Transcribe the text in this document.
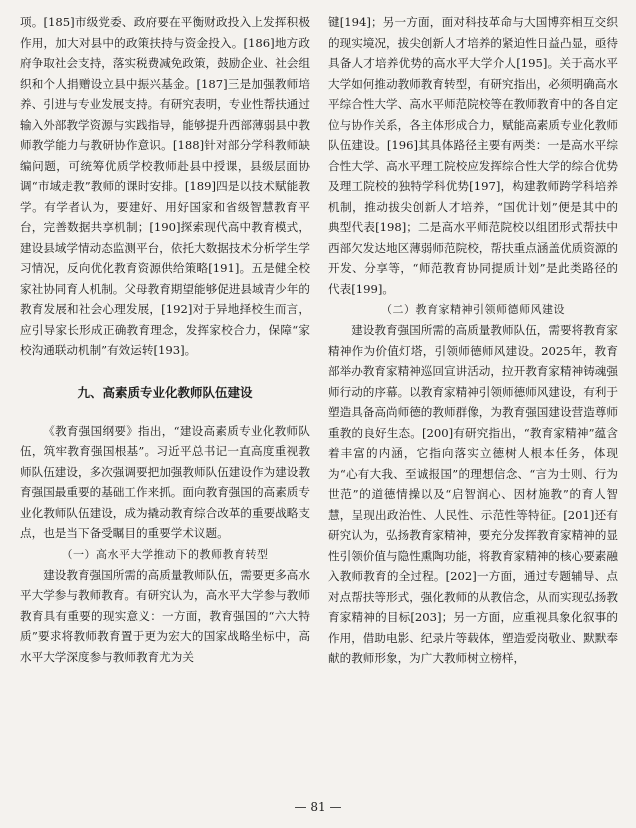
项。[185]市级党委、政府要在平衡财政投入上发挥积极作用，加大对县中的政策扶持与资金投入。[186]地方政府争取社会支持，落实税费减免政策，鼓励企业、社会组织和个人捐赠设立县中振兴基金。[187]三是加强教师培养、引进与专业发展支持。有研究表明，专业性帮扶通过输入外部教学资源与实践指导，能够提升西部薄弱县中教师教学能力与教研协作意识。[188]针对部分学科教师缺编问题，可统筹优质学校教师赴县中授课，县级层面协调“市域走教”教师的课时安排。[189]四是以技术赋能教学。有学者认为，要建好、用好国家和省级智慧教育平台，完善数据共享机制；[190]探索现代高中教育模式，建设县域学情动态监测平台，依托大数据技术分析学生学习情况，反向优化教育资源供给策略[191]。五是健全校家社协同育人机制。父母教育期望能够促进县域青少年的教育发展和社会心理发展，[192]对于异地择校生而言，应引导家长形成正确教育理念，发挥家校合力，保障“家校沟通联动机制”有效运转[193]。

九、高素质专业化教师队伍建设

《教育强国纲要》指出，“建设高素质专业化教师队伍，筑牢教育强国根基”。习近平总书记一直高度重视教师队伍建设，多次强调要把加强教师队伍建设作为建设教育强国最重要的基础工作来抓。面向教育强国的高素质专业化教师队伍建设，成为撬动教育综合改革的重要战略支点，也是当下备受瞩目的重要学术议题。

（一）高水平大学推动下的教师教育转型

建设教育强国所需的高质量教师队伍，需要更多高水平大学参与教师教育。有研究认为，高水平大学参与教师教育具有重要的现实意义：一方面，教育强国的“六大特质”要求将教师教育置于更为宏大的国家战略坐标中，高水平大学深度参与教师教育尤为关

键[194]；另一方面，面对科技革命与大国博弈相互交织的现实境况，拔尖创新人才培养的紧迫性日益凸显，亟待具备人才培养优势的高水平大学介人[195]。关于高水平大学如何推动教师教育转型，有研究指出，必须明确高水平综合性大学、高水平师范院校等在教师教育中的各自定位与协作关系，各主体形成合力，赋能高素质专业化教师队伍建设。[196]其具体路径主要有两类：一是高水平综合性大学、高水平理工院校应发挥综合性大学的综合优势及理工院校的独特学科优势[197]，构建教师跨学科培养机制，推动拔尖创新人才培养，“国优计划”便是其中的典型代表[198]；二是高水平师范院校以组团形式帮扶中西部欠发达地区薄弱师范院校，帮扶重点涵盖优质资源的开发、分享等，“师范教育协同提质计划”是此类路径的代表[199]。

（二）教育家精神引领师德师风建设

建设教育强国所需的高质量教师队伍，需要将教育家精神作为价值灯塔，引领师德师风建设。2025年，教育部举办教育家精神巡回宣讲活动，拉开教育家精神铸魂强师行动的序幕。以教育家精神引领师德师风建设，有利于塑造具备高尚师德的教师群像，为教育强国建设营造尊师重教的良好生态。[200]有研究指出，“教育家精神”蕴含着丰富的内涵，它指向落实立德树人根本任务，体现为“心有大我、至诚报国”的理想信念、“言为士则、行为世范”的道德情操以及“启智润心、因材施教”的育人智慧，呈现出政治性、人民性、示范性等特征。[201]还有研究认为，弘扬教育家精神，要充分发挥教育家精神的显性引领价值与隐性熏陶功能，将教育家精神的核心要素融入教师教育的全过程。[202]一方面，通过专题辅导、点对点帮扶等形式，强化教师的从教信念，从而实现弘扬教育家精神的目标[203]；另一方面，应重视具象化叙事的作用，借助电影、纪录片等载体，塑造爱岗敬业、默默奉献的教师形象，为广大教师树立榜样，

— 81 —
